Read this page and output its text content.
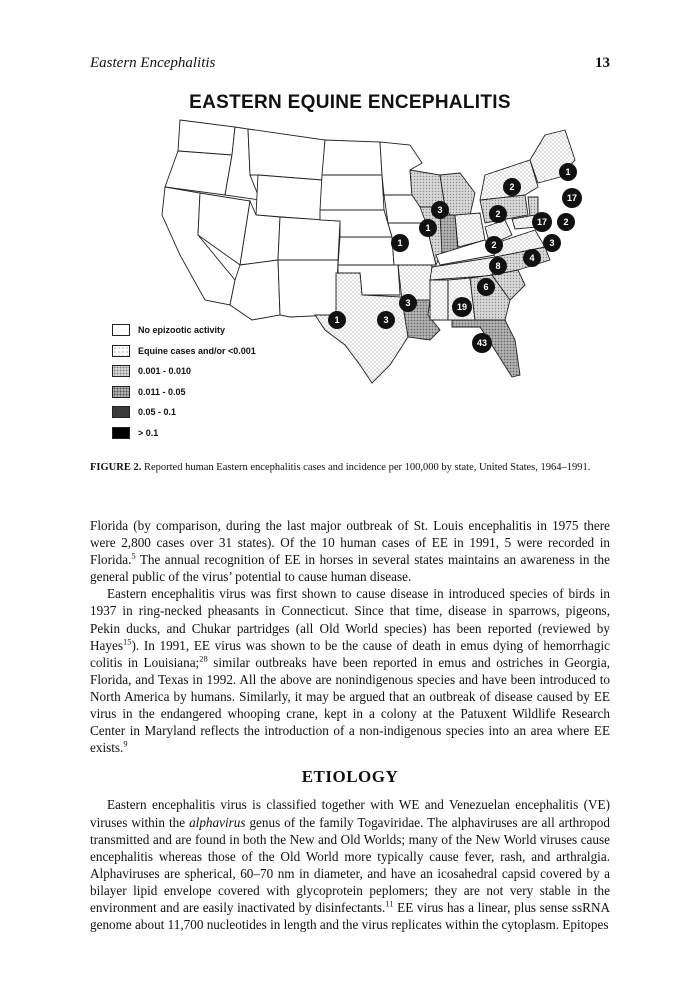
Eastern Encephalitis	13
EASTERN EQUINE ENCEPHALITIS
1
3
1
2
2
17
1
2
17
2	3
4
8
6
19
3
3
1
43
No epizootic activity
Equine cases and/or <0.001
0.001 - 0.010
0.011 - 0.05
0.05 - 0.1
> 0.1
FIGURE 2. Reported human Eastern encephalitis cases and incidence per 100,000 by state, United States, 1964–1991.

Florida (by comparison, during the last major outbreak of St. Louis encephalitis in 1975 there were 2,800 cases over 31 states). Of the 10 human cases of EE in 1991, 5 were recorded in Florida.$^5$ The annual recognition of EE in horses in several states maintains an awareness in the general public of the virus’ potential to cause human disease.

Eastern encephalitis virus was first shown to cause disease in introduced species of birds in 1937 in ring-necked pheasants in Connecticut. Since that time, disease in sparrows, pigeons, Pekin ducks, and Chukar partridges (all Old World species) has been reported (reviewed by Hayes$^{15}$). In 1991, EE virus was shown to be the cause of death in emus dying of hemorrhagic colitis in Louisiana;$^{28}$ similar outbreaks have been reported in emus and ostriches in Georgia, Florida, and Texas in 1992. All the above are nonindigenous species and have been introduced to North America by humans. Similarly, it may be argued that an outbreak of disease caused by EE virus in the endangered whooping crane, kept in a colony at the Patuxent Wildlife Research Center in Maryland reflects the introduction of a non-indigenous species into an area where EE exists.$^9$

ETIOLOGY

Eastern encephalitis virus is classified together with WE and Venezuelan encephalitis (VE) viruses within the alphavirus genus of the family Togaviridae. The alphaviruses are all arthropod transmitted and are found in both the New and Old Worlds; many of the New World viruses cause encephalitis whereas those of the Old World more typically cause fever, rash, and arthralgia. Alphaviruses are spherical, 60–70 nm in diameter, and have an icosahedral capsid covered by a bilayer lipid envelope covered with glycoprotein peplomers; they are not very stable in the environment and are easily inactivated by disinfectants.$^{11}$ EE virus has a linear, plus sense ssRNA genome about 11,700 nucleotides in length and the virus replicates within the cytoplasm. Epitopes
